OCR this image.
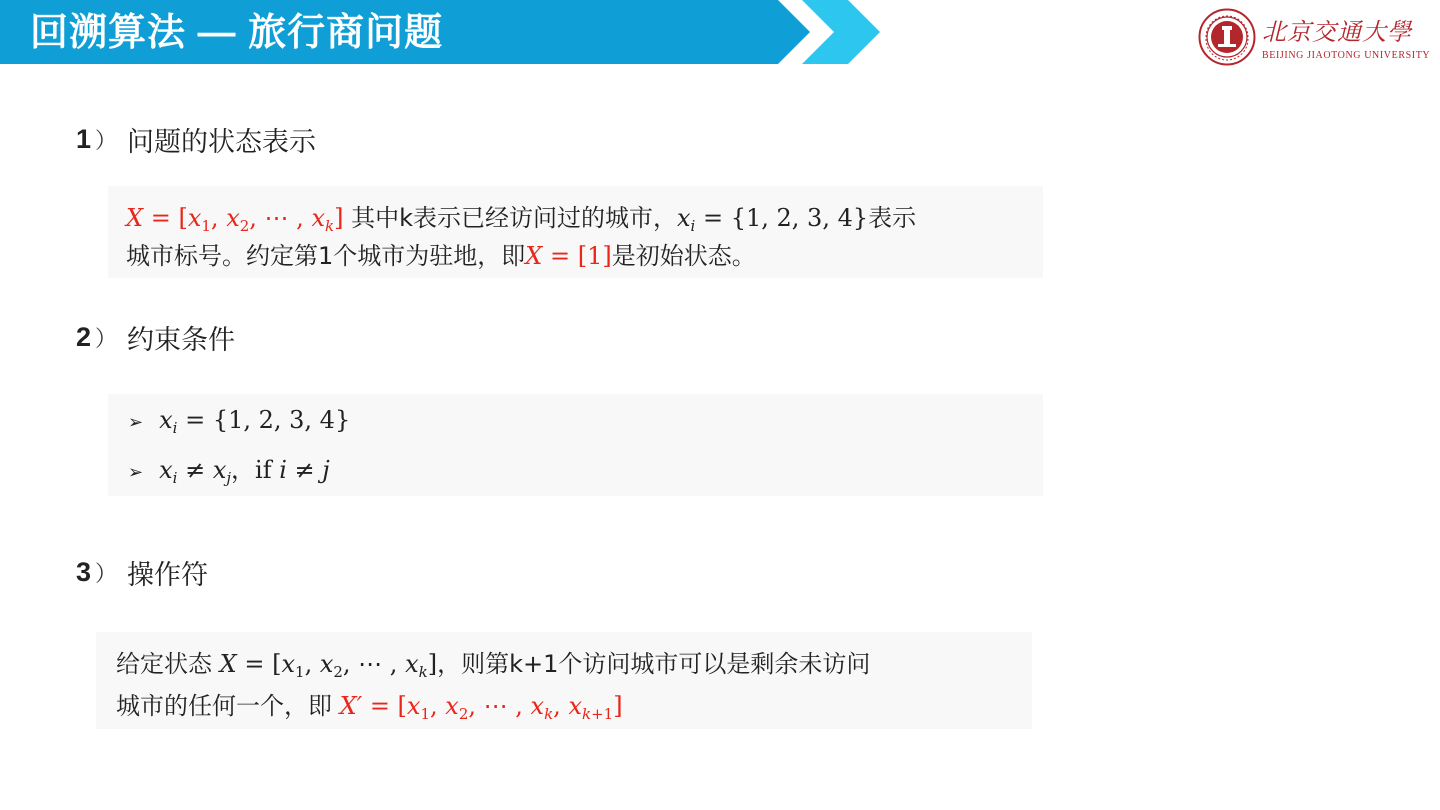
回溯算法 — 旅行商问题	北京交通大學
BEIJING JIAOTONG UNIVERSITY
1 ） 问题的状态表示
$X = [x_1$, $x_2$, ⋯ , $x_k$] 其中k表示已经访问过的城市，$x_i = \{1$, 2, 3, 4}表示
城市标号。约定第1个城市为驻地，即X = [1]是初始状态。
2 ） 约束条件
➢ $x_i = \{1$, 2, 3, 4}
➢ $x_i \ne x_j$，if i ≠ j
3 ） 操作符
给定状态 $X = [x_1$, $x_2$, ⋯ , $x_k$]，则第k+1个访问城市可以是剩余未访问
城市的任何一个，即 $X' = [x_1$, $x_2$, ⋯ , $x_k$, $x_{k+1}$]
